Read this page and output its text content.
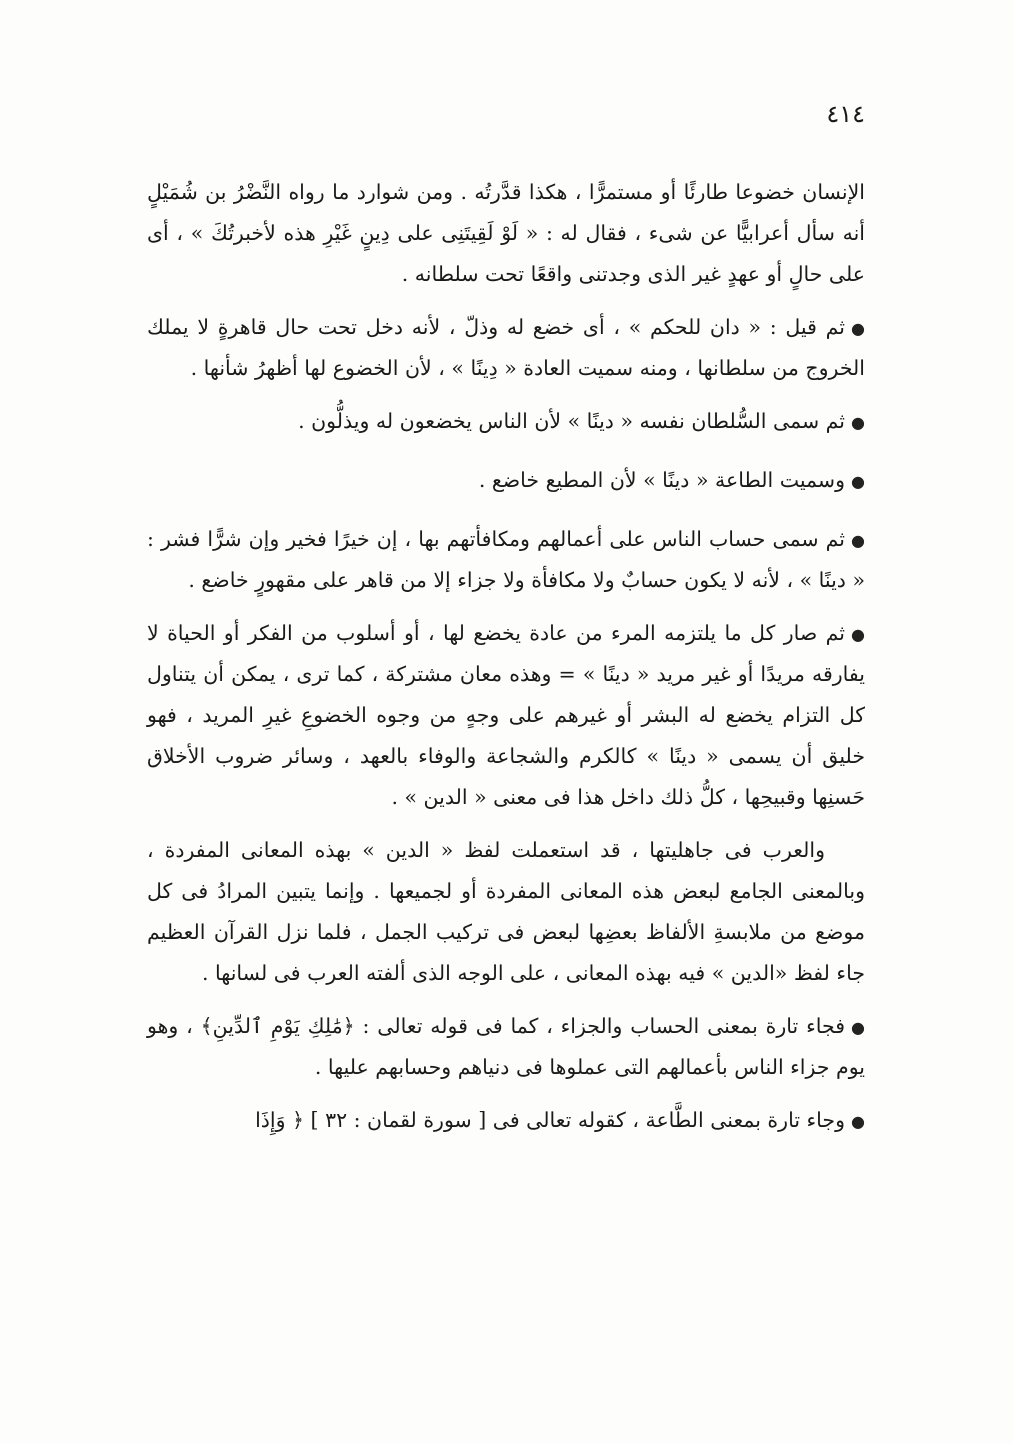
٤١٤

الإنسان خضوعا طارئًا أو مستمرًّا ، هكذا قدَّرتُه . ومن شوارد ما رواه النَّضْرُ بن شُمَيْلٍ أنه سأل أعرابيًّا عن شىء ، فقال له : « لَوْ لَقِيتَنِى على دِينٍ غَيْرِ هذه لأخبرتُكَ » ، أى على حالٍ أو عهدٍ غير الذى وجدتنى واقعًا تحت سلطانه .

●ثم قيل : « دان للحكم » ، أى خضع له وذلّ ، لأنه دخل تحت حال قاهرةٍ لا يملك الخروج من سلطانها ، ومنه سميت العادة « دِينًا » ، لأن الخضوع لها أظهرُ شأنها .

●ثم سمى السُّلطان نفسه « دينًا » لأن الناس يخضعون له ويذلُّون .

●وسميت الطاعة « دينًا » لأن المطيع خاضع .

●ثم سمى حساب الناس على أعمالهم ومكافأتهم بها ، إن خيرًا فخير وإن شرًّا فشر : « دينًا » ، لأنه لا يكون حسابٌ ولا مكافأة ولا جزاء إلا من قاهر على مقهورٍ خاضع .

●ثم صار كل ما يلتزمه المرء من عادة يخضع لها ، أو أسلوب من الفكر أو الحياة لا يفارقه مريدًا أو غير مريد « دينًا » = وهذه معان مشتركة ، كما ترى ، يمكن أن يتناول كل التزام يخضع له البشر أو غيرهم على وجهٍ من وجوه الخضوعِ غيرِ المريد ، فهو خليق أن يسمى « دينًا » كالكرم والشجاعة والوفاء بالعهد ، وسائر ضروب الأخلاق حَسنِها وقبيحِها ، كلُّ ذلك داخل هذا فى معنى « الدين » .

والعرب فى جاهليتها ، قد استعملت لفظ « الدين » بهذه المعانى المفردة ، وبالمعنى الجامع لبعض هذه المعانى المفردة أو لجميعها . وإنما يتبين المرادُ فى كل موضع من ملابسةِ الألفاظ بعضِها لبعض فى تركيب الجمل ، فلما نزل القرآن العظيم جاء لفظ «الدين » فيه بهذه المعانى ، على الوجه الذى ألفته العرب فى لسانها .

●فجاء تارة بمعنى الحساب والجزاء ، كما فى قوله تعالى : ﴿مَٰلِكِ يَوْمِ ٱلدِّينِ﴾ ، وهو يوم جزاء الناس بأعمالهم التى عملوها فى دنياهم وحسابهم عليها .

●وجاء تارة بمعنى الطَّاعة ، كقوله تعالى فى [ سورة لقمان : ٣٢ ] ﴿ وَإِذَا
